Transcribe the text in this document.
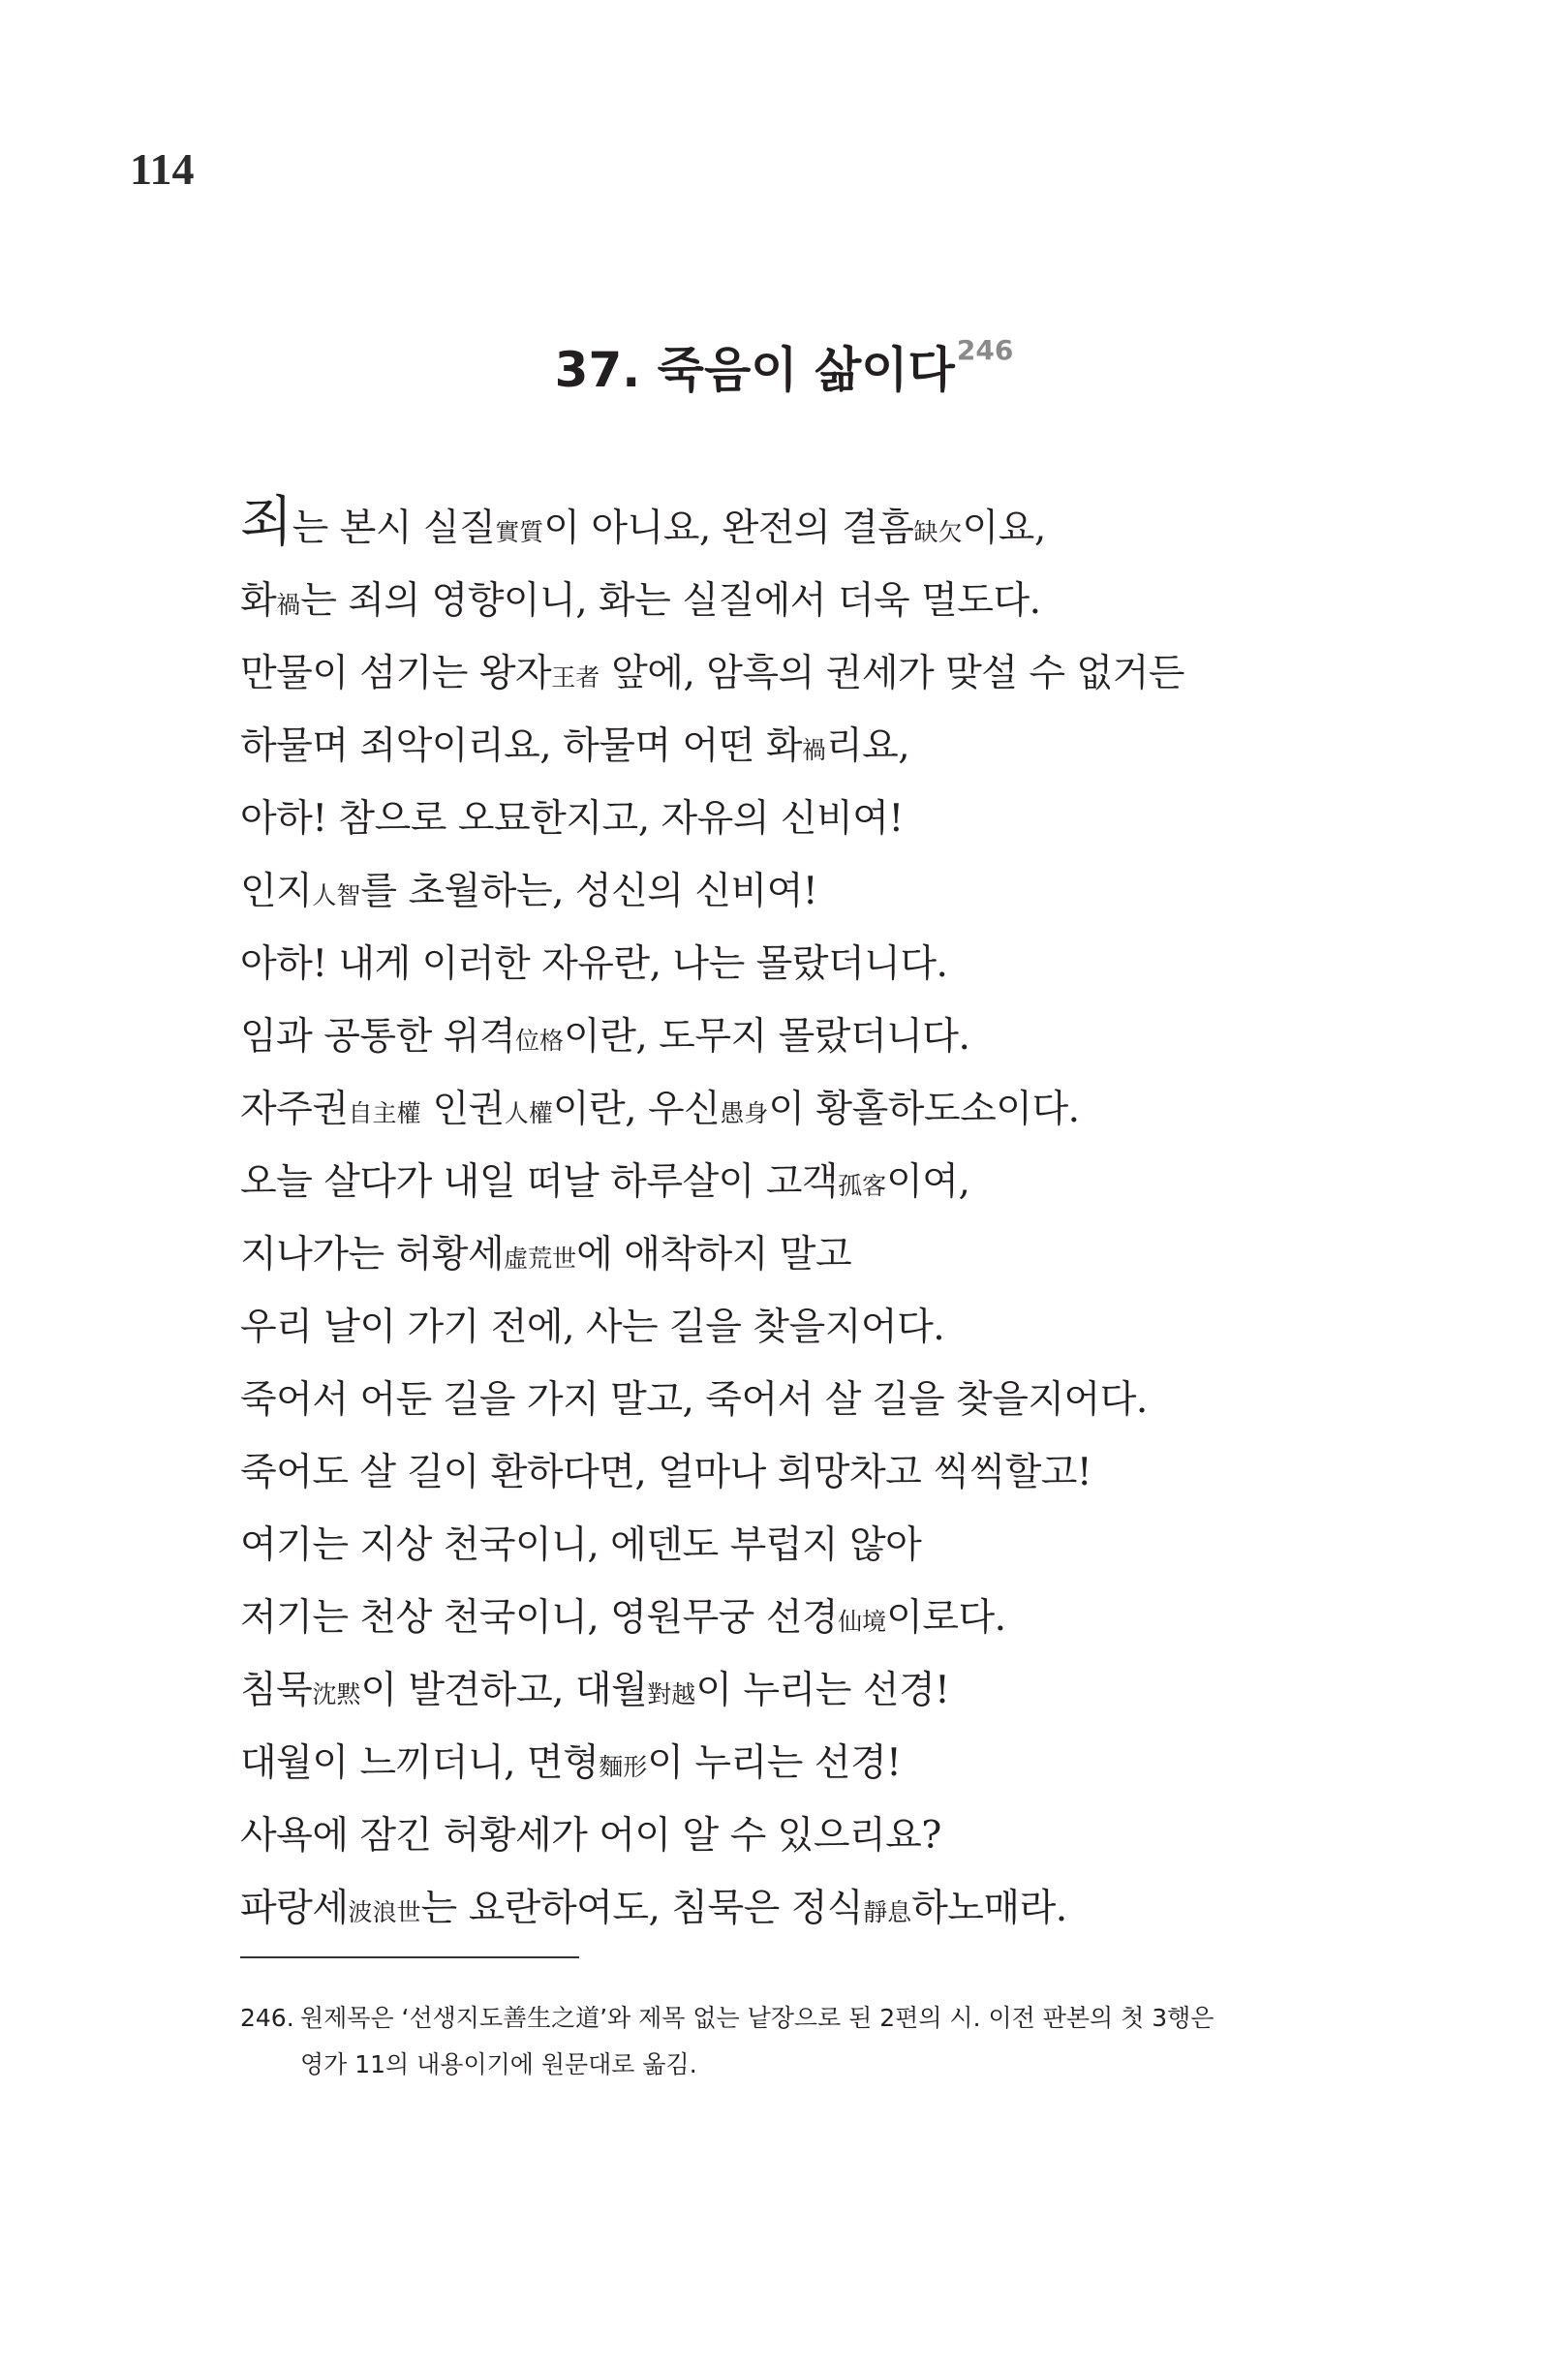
114
37. 죽음이 삶이다$^{246}$
죄는 본시 실질實質이 아니요, 완전의 결흠缺欠이요,
화禍는 죄의 영향이니, 화는 실질에서 더욱 멀도다.
만물이 섬기는 왕자王者 앞에, 암흑의 권세가 맞설 수 없거든
하물며 죄악이리요, 하물며 어떤 화禍리요,
아하! 참으로 오묘한지고, 자유의 신비여!
인지人智를 초월하는, 성신의 신비여!
아하! 내게 이러한 자유란, 나는 몰랐더니다.
임과 공통한 위격位格이란, 도무지 몰랐더니다.
자주권自主權 인권人權이란, 우신愚身이 황홀하도소이다.
오늘 살다가 내일 떠날 하루살이 고객孤客이여,
지나가는 허황세虛荒世에 애착하지 말고
우리 날이 가기 전에, 사는 길을 찾을지어다.
죽어서 어둔 길을 가지 말고, 죽어서 살 길을 찾을지어다.
죽어도 살 길이 환하다면, 얼마나 희망차고 씩씩할고!
여기는 지상 천국이니, 에덴도 부럽지 않아
저기는 천상 천국이니, 영원무궁 선경仙境이로다.
침묵沈黙이 발견하고, 대월對越이 누리는 선경!
대월이 느끼더니, 면형麵形이 누리는 선경!
사욕에 잠긴 허황세가 어이 알 수 있으리요?
파랑세波浪世는 요란하여도, 침묵은 정식靜息하노매라.
246. 원제목은 ‘선생지도善生之道’와 제목 없는 낱장으로 된 2편의 시. 이전 판본의 첫 3행은
영가 11의 내용이기에 원문대로 옮김.
